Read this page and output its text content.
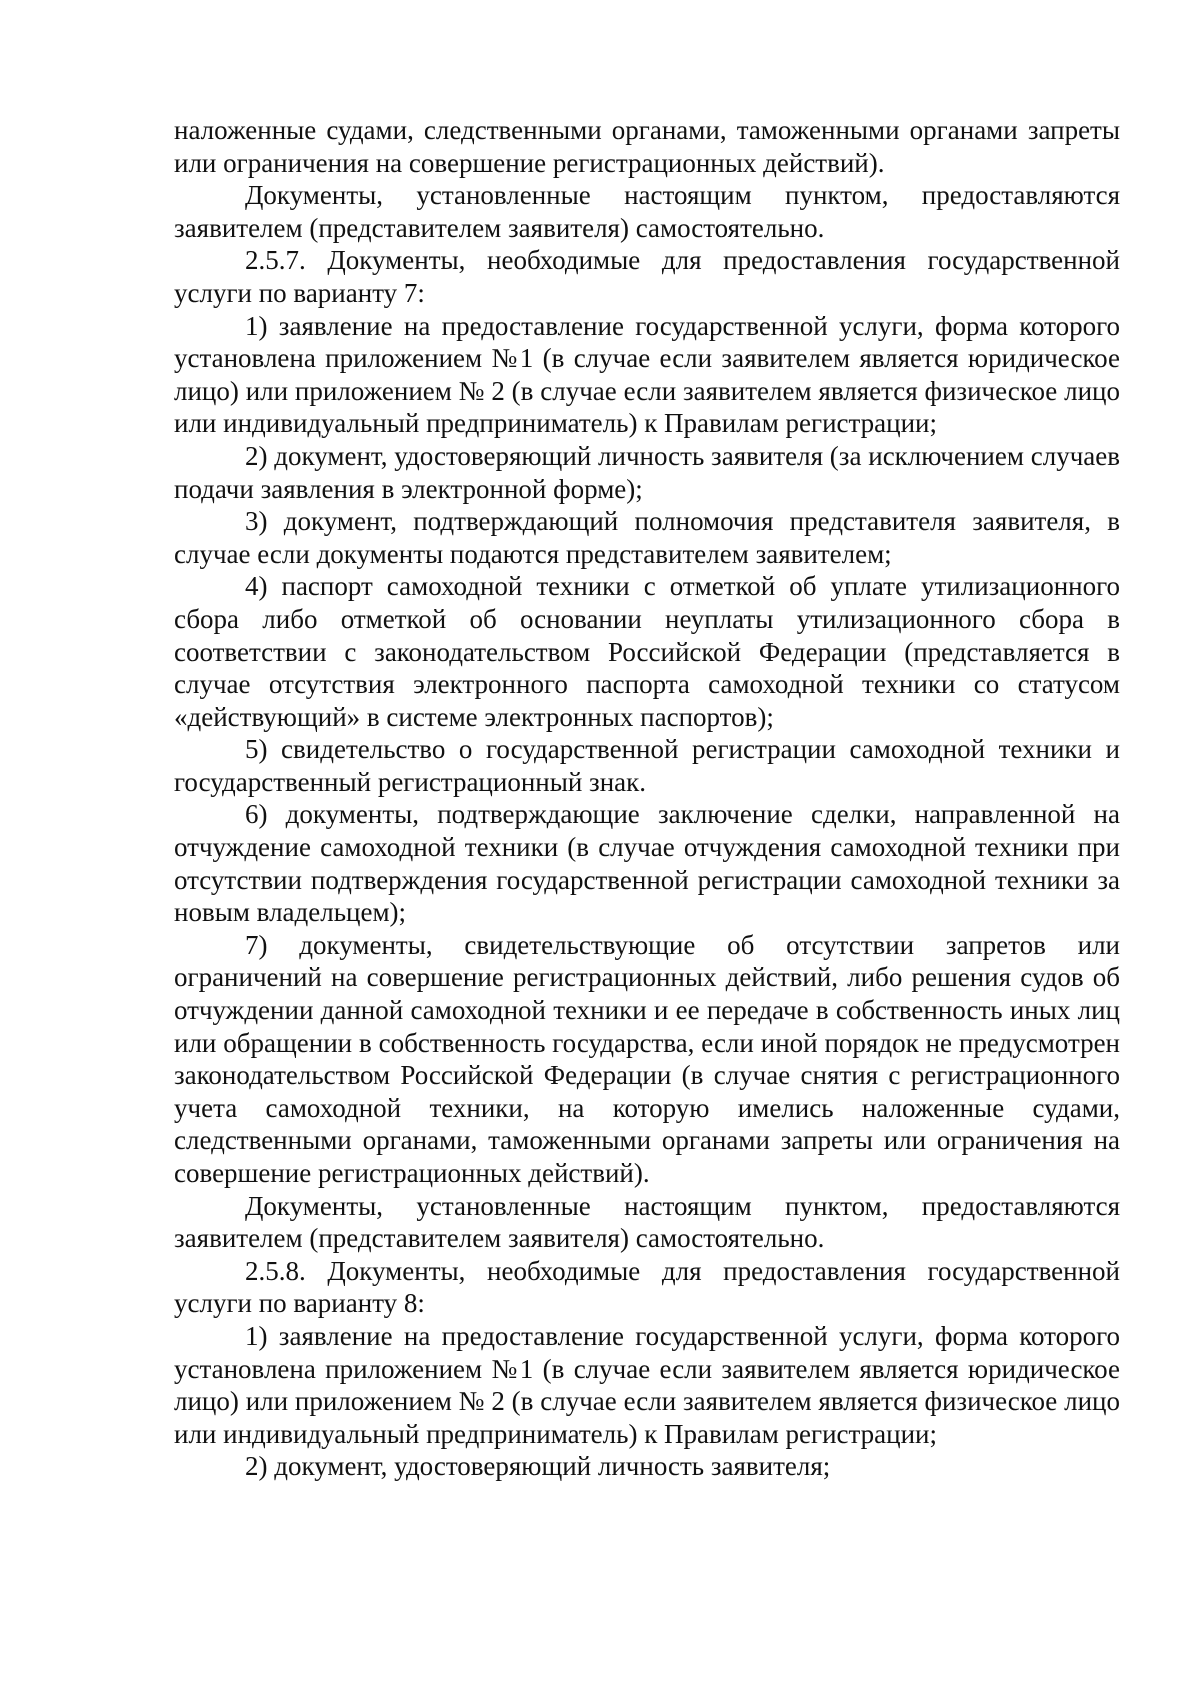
наложенные судами, следственными органами, таможенными органами запреты или ограничения на совершение регистрационных действий).

Документы, установленные настоящим пунктом, предоставляются заявителем (представителем заявителя) самостоятельно.

2.5.7. Документы, необходимые для предоставления государственной услуги по варианту 7:

1) заявление на предоставление государственной услуги, форма которого установлена приложением №1 (в случае если заявителем является юридическое лицо) или приложением № 2 (в случае если заявителем является физическое лицо или индивидуальный предприниматель) к Правилам регистрации;

2) документ, удостоверяющий личность заявителя (за исключением случаев подачи заявления в электронной форме);

3) документ, подтверждающий полномочия представителя заявителя, в случае если документы подаются представителем заявителем;

4) паспорт самоходной техники с отметкой об уплате утилизационного сбора либо отметкой об основании неуплаты утилизационного сбора в соответствии с законодательством Российской Федерации (представляется в случае отсутствия электронного паспорта самоходной техники со статусом «действующий» в системе электронных паспортов);

5) свидетельство о государственной регистрации самоходной техники и государственный регистрационный знак.

6) документы, подтверждающие заключение сделки, направленной на отчуждение самоходной техники (в случае отчуждения самоходной техники при отсутствии подтверждения государственной регистрации самоходной техники за новым владельцем);

7) документы, свидетельствующие об отсутствии запретов или ограничений на совершение регистрационных действий, либо решения судов об отчуждении данной самоходной техники и ее передаче в собственность иных лиц или обращении в собственность государства, если иной порядок не предусмотрен законодательством Российской Федерации (в случае снятия с регистрационного учета самоходной техники, на которую имелись наложенные судами, следственными органами, таможенными органами запреты или ограничения на совершение регистрационных действий).

Документы, установленные настоящим пунктом, предоставляются заявителем (представителем заявителя) самостоятельно.

2.5.8. Документы, необходимые для предоставления государственной услуги по варианту 8:

1) заявление на предоставление государственной услуги, форма которого установлена приложением №1 (в случае если заявителем является юридическое лицо) или приложением № 2 (в случае если заявителем является физическое лицо или индивидуальный предприниматель) к Правилам регистрации;

2) документ, удостоверяющий личность заявителя;
